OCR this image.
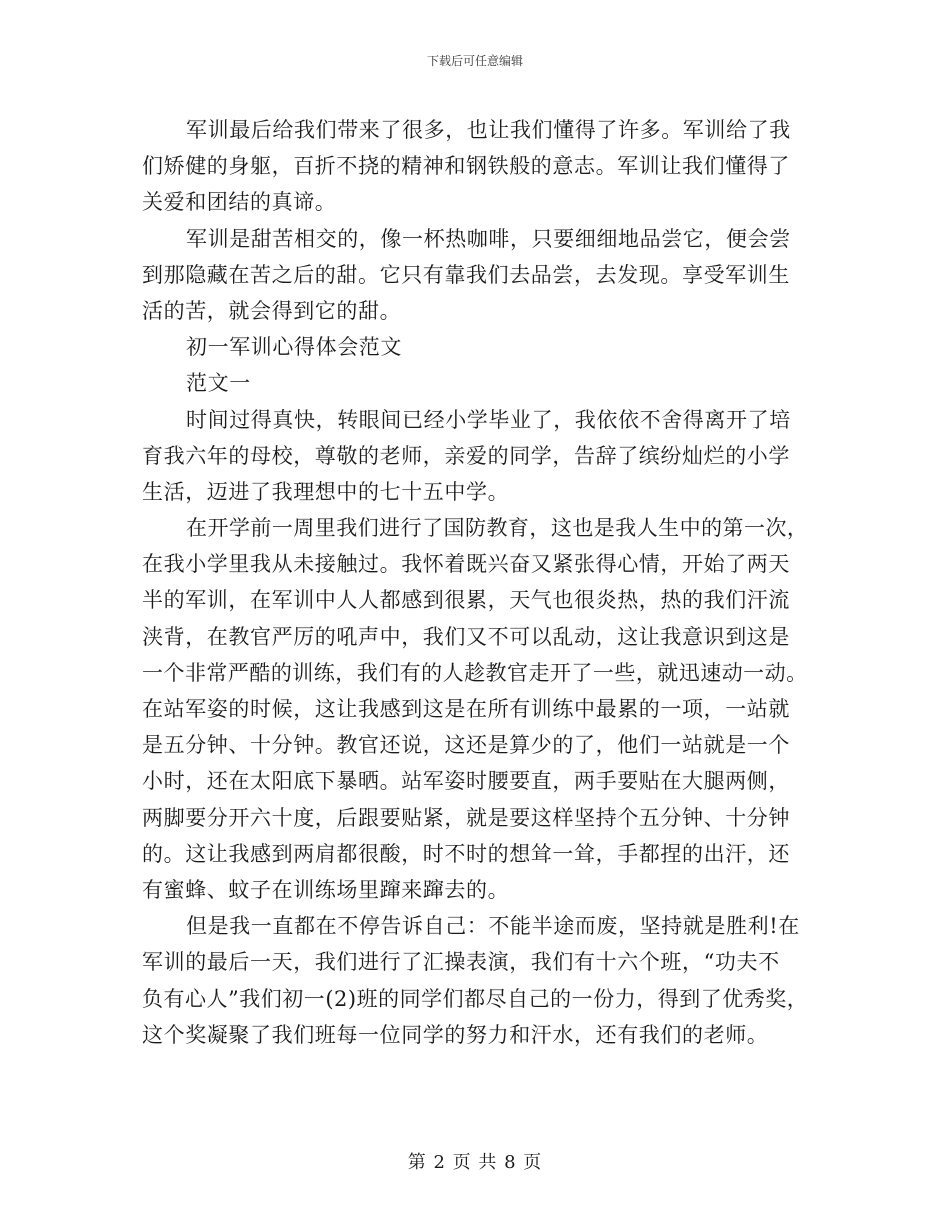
下载后可任意编辑
军训最后给我们带来了很多，也让我们懂得了许多。军训给了我
们矫健的身躯，百折不挠的精神和钢铁般的意志。军训让我们懂得了
关爱和团结的真谛。
军训是甜苦相交的，像一杯热咖啡，只要细细地品尝它，便会尝
到那隐藏在苦之后的甜。它只有靠我们去品尝，去发现。享受军训生
活的苦，就会得到它的甜。
初一军训心得体会范文
范文一
时间过得真快，转眼间已经小学毕业了，我依依不舍得离开了培
育我六年的母校，尊敬的老师，亲爱的同学，告辞了缤纷灿烂的小学
生活，迈进了我理想中的七十五中学。
在开学前一周里我们进行了国防教育，这也是我人生中的第一次，
在我小学里我从未接触过。我怀着既兴奋又紧张得心情，开始了两天
半的军训，在军训中人人都感到很累，天气也很炎热，热的我们汗流
浃背，在教官严厉的吼声中，我们又不可以乱动，这让我意识到这是
一个非常严酷的训练，我们有的人趁教官走开了一些，就迅速动一动。
在站军姿的时候，这让我感到这是在所有训练中最累的一项，一站就
是五分钟、十分钟。教官还说，这还是算少的了，他们一站就是一个
小时，还在太阳底下暴晒。站军姿时腰要直，两手要贴在大腿两侧，
两脚要分开六十度，后跟要贴紧，就是要这样坚持个五分钟、十分钟
的。这让我感到两肩都很酸，时不时的想耸一耸，手都捏的出汗，还
有蜜蜂、蚊子在训练场里蹿来蹿去的。
但是我一直都在不停告诉自己：不能半途而废，坚持就是胜利!在
军训的最后一天，我们进行了汇操表演，我们有十六个班，“功夫不
负有心人”我们初一(2)班的同学们都尽自己的一份力，得到了优秀奖，
这个奖凝聚了我们班每一位同学的努力和汗水，还有我们的老师。
第 2 页 共 8 页
